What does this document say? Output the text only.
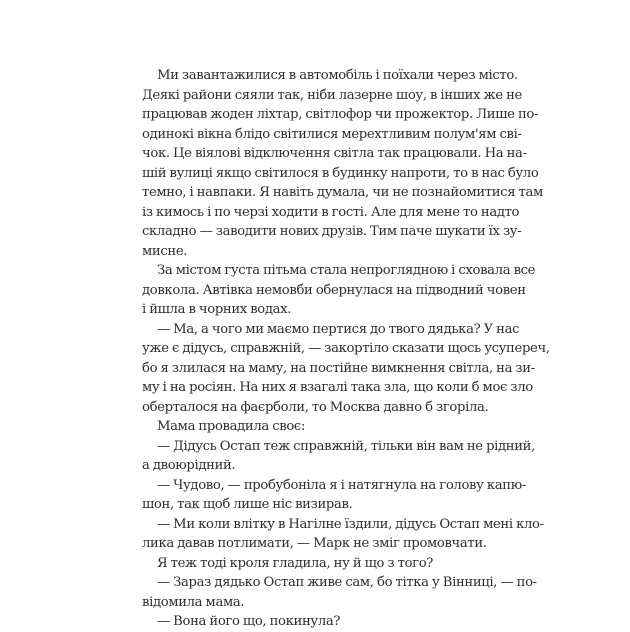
Ми завантажилися в автомобіль і поїхали через місто.
Деякі райони сяяли так, ніби лазерне шоу, в інших же не
працював жоден ліхтар, світлофор чи прожектор. Лише по-
одинокі вікна блідо світилися мерехтливим полум'ям сві-
чок. Це віялові відключення світла так працювали. На на-
шій вулиці якщо світилося в будинку напроти, то в нас було
темно, і навпаки. Я навіть думала, чи не познайомитися там
із кимось і по черзі ходити в гості. Але для мене то надто
складно — заводити нових друзів. Тим паче шукати їх зу-
мисне.
За містом густа пітьма стала непроглядною і сховала все
довкола. Автівка немовби обернулася на підводний човен
і йшла в чорних водах.
— Ма, а чого ми маємо пертися до твого дядька? У нас
уже є дідусь, справжній, — закортіло сказати щось усупереч,
бо я злилася на маму, на постійне вимкнення світла, на зи-
му і на росіян. На них я взагалі така зла, що коли б моє зло
оберталося на фаєрболи, то Москва давно б згоріла.
Мама провадила своє:
— Дідусь Остап теж справжній, тільки він вам не рідний,
а двоюрідний.
— Чудово, — пробубоніла я і натягнула на голову капю-
шон, так щоб лише ніс визирав.
— Ми коли влітку в Нагілне їздили, дідусь Остап мені кло-
лика давав потлимати, — Марк не зміг промовчати.
Я теж тоді кроля гладила, ну й що з того?
— Зараз дядько Остап живе сам, бо тітка у Вінниці, — по-
відомила мама.
— Вона його що, покинула?
